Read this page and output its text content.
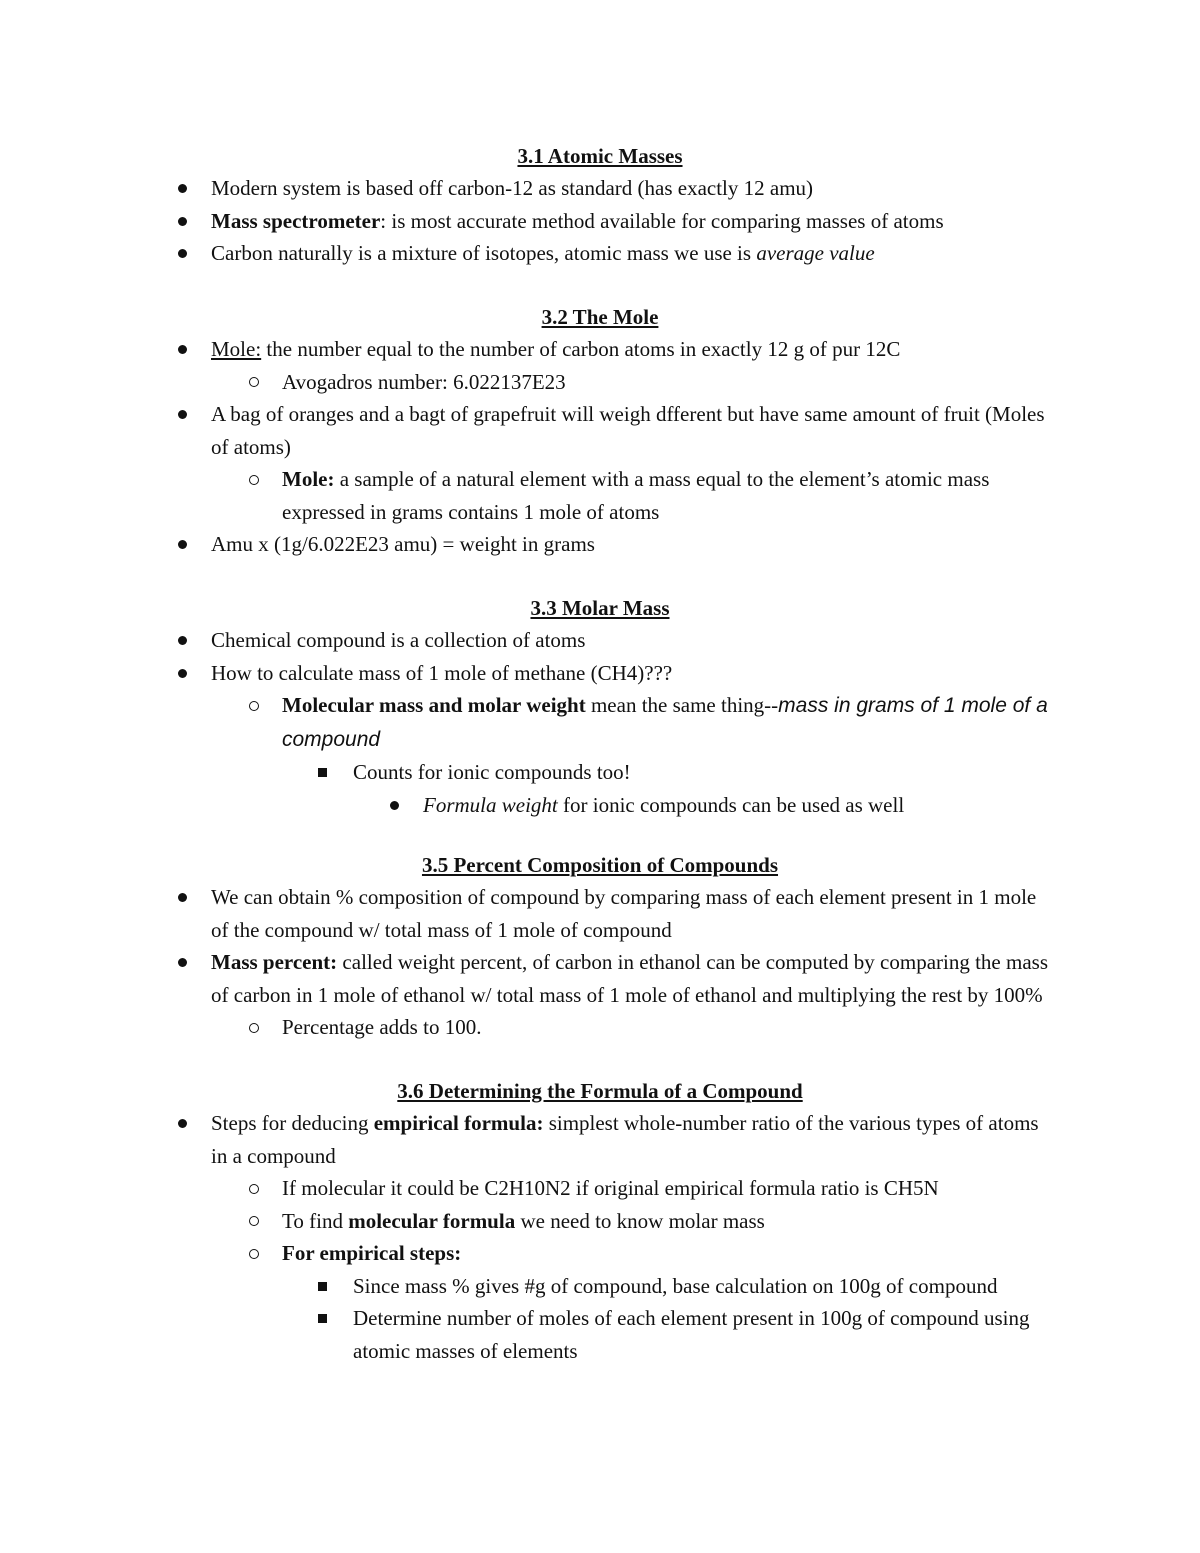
3.1 Atomic Masses
Modern system is based off carbon-12 as standard (has exactly 12 amu)
Mass spectrometer: is most accurate method available for comparing masses of atoms
Carbon naturally is a mixture of isotopes, atomic mass we use is average value
3.2 The Mole
Mole: the number equal to the number of carbon atoms in exactly 12 g of pur 12C
Avogadros number: 6.022137E23
A bag of oranges and a bagt of grapefruit will weigh dfferent but have same amount of fruit (Moles of atoms)
Mole: a sample of a natural element with a mass equal to the element’s atomic mass expressed in grams contains 1 mole of atoms
Amu x (1g/6.022E23 amu) = weight in grams
3.3 Molar Mass
Chemical compound is a collection of atoms
How to calculate mass of 1 mole of methane (CH4)???
Molecular mass and molar weight mean the same thing--mass in grams of 1 mole of a compound
Counts for ionic compounds too!
Formula weight for ionic compounds can be used as well
3.5 Percent Composition of Compounds
We can obtain % composition of compound by comparing mass of each element present in 1 mole of the compound w/ total mass of 1 mole of compound
Mass percent: called weight percent, of carbon in ethanol can be computed by comparing the mass of carbon in 1 mole of ethanol w/ total mass of 1 mole of ethanol and multiplying the rest by 100%
Percentage adds to 100.
3.6 Determining the Formula of a Compound
Steps for deducing empirical formula: simplest whole-number ratio of the various types of atoms in a compound
If molecular it could be C2H10N2 if original empirical formula ratio is CH5N
To find molecular formula we need to know molar mass
For empirical steps:
Since mass % gives #g of compound, base calculation on 100g of compound
Determine number of moles of each element present in 100g of compound using atomic masses of elements
